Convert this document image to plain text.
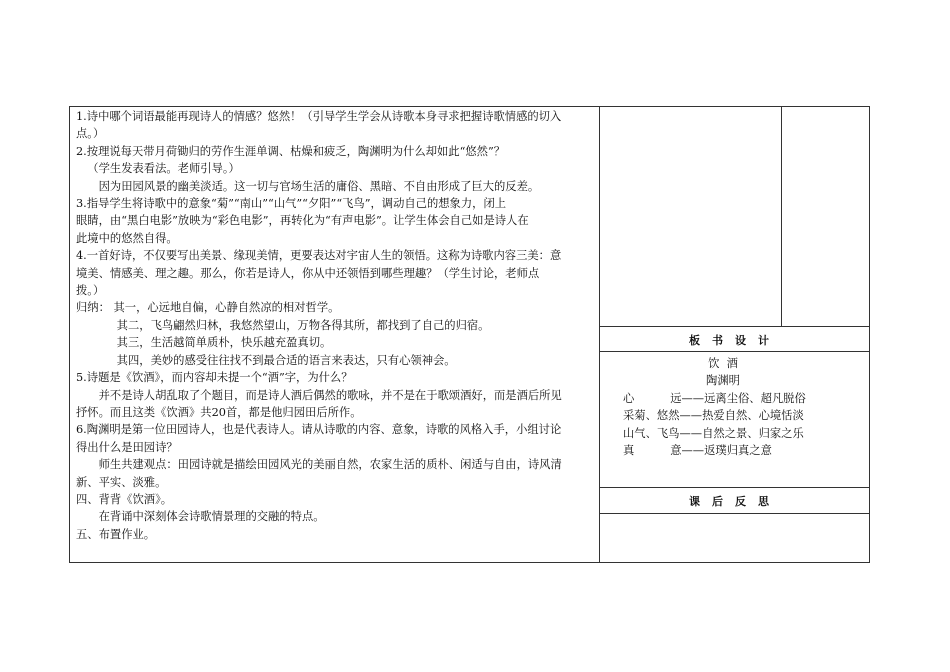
1.诗中哪个词语最能再现诗人的情感？悠然！（引导学生学会从诗歌本身寻求把握诗歌情感的切入

点。）

2.按理说每天带月荷锄归的劳作生涯单调、枯燥和疲乏，陶渊明为什么却如此“悠然”？

（学生发表看法。老师引导。）

因为田园风景的幽美淡适。这一切与官场生活的庸俗、黑暗、不自由形成了巨大的反差。

3.指导学生将诗歌中的意象“菊”“南山”“山气”“夕阳”“飞鸟”，调动自己的想象力，闭上

眼睛，由“黑白电影”放映为“彩色电影”，再转化为“有声电影”。让学生体会自己如是诗人在

此境中的悠然自得。

4.一首好诗，不仅要写出美景、缘现美情，更要表达对宇宙人生的领悟。这称为诗歌内容三美：意

境美、情感美、理之趣。那么，你若是诗人，你从中还领悟到哪些理趣？（学生讨论，老师点

拨。）

归纳： 其一，心远地自偏，心静自然凉的相对哲学。

其二，飞鸟翩然归林，我悠然望山，万物各得其所，都找到了自己的归宿。

其三，生活越简单质朴，快乐越充盈真切。

其四，美妙的感受往往找不到最合适的语言来表达，只有心领神会。

5.诗题是《饮酒》，而内容却未提一个“酒”字，为什么？

并不是诗人胡乱取了个题目，而是诗人酒后偶然的歌咏，并不是在于歌颂酒好，而是酒后所见

抒怀。而且这类《饮酒》共20首，都是他归园田后所作。

6.陶渊明是第一位田园诗人，也是代表诗人。请从诗歌的内容、意象，诗歌的风格入手，小组讨论

得出什么是田园诗？

师生共建观点：田园诗就是描绘田园风光的美丽自然，农家生活的质朴、闲适与自由，诗风清

新、平实、淡雅。

四、背背《饮酒》。

在背诵中深刻体会诗歌情景理的交融的特点。

五、布置作业。

板书设计

饮  酒

陶渊明

心          远——远离尘俗、超凡脱俗

采菊、悠然——热爱自然、心境恬淡

山气、飞鸟——自然之景、归家之乐

真          意——返璞归真之意

课后反思
